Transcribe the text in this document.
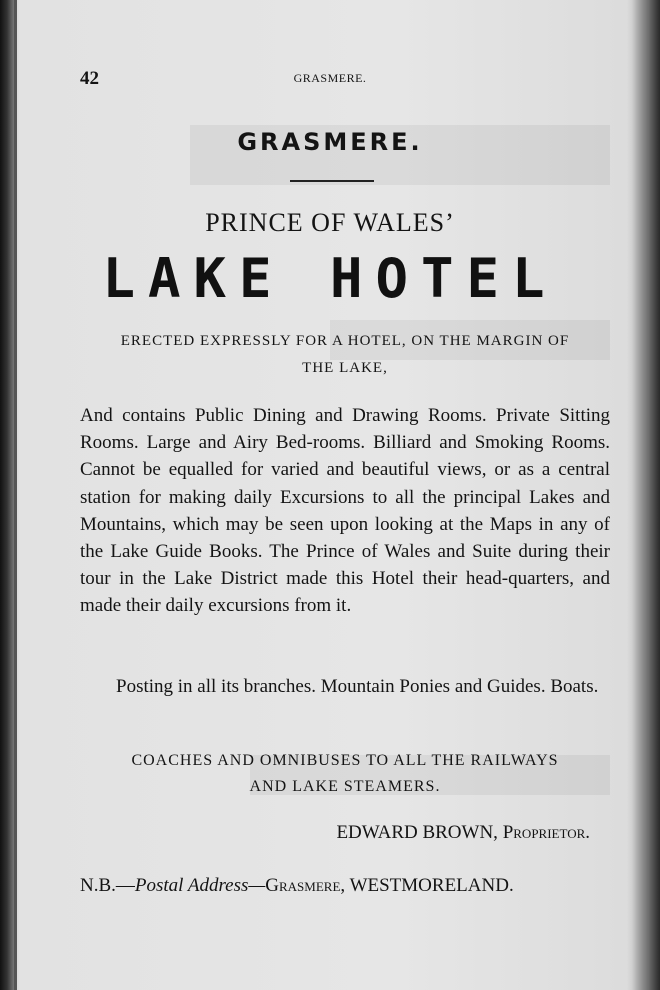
42	GRASMERE.
GRASMERE.
PRINCE OF WALES’
LAKE HOTEL
ERECTED EXPRESSLY FOR A HOTEL, ON THE MARGIN OF
THE LAKE,
And contains Public Dining and Drawing Rooms. Private Sitting Rooms. Large and Airy Bed-rooms. Billiard and Smoking Rooms. Cannot be equalled for varied and beautiful views, or as a central station for making daily Excursions to all the principal Lakes and Mountains, which may be seen upon looking at the Maps in any of the Lake Guide Books. The Prince of Wales and Suite during their tour in the Lake District made this Hotel their head-quarters, and made their daily excursions from it.
Posting in all its branches. Mountain Ponies and Guides. Boats.
COACHES AND OMNIBUSES TO ALL THE RAILWAYS
AND LAKE STEAMERS.
EDWARD BROWN, Proprietor.
N.B.—Postal Address—Grasmere, WESTMORELAND.
